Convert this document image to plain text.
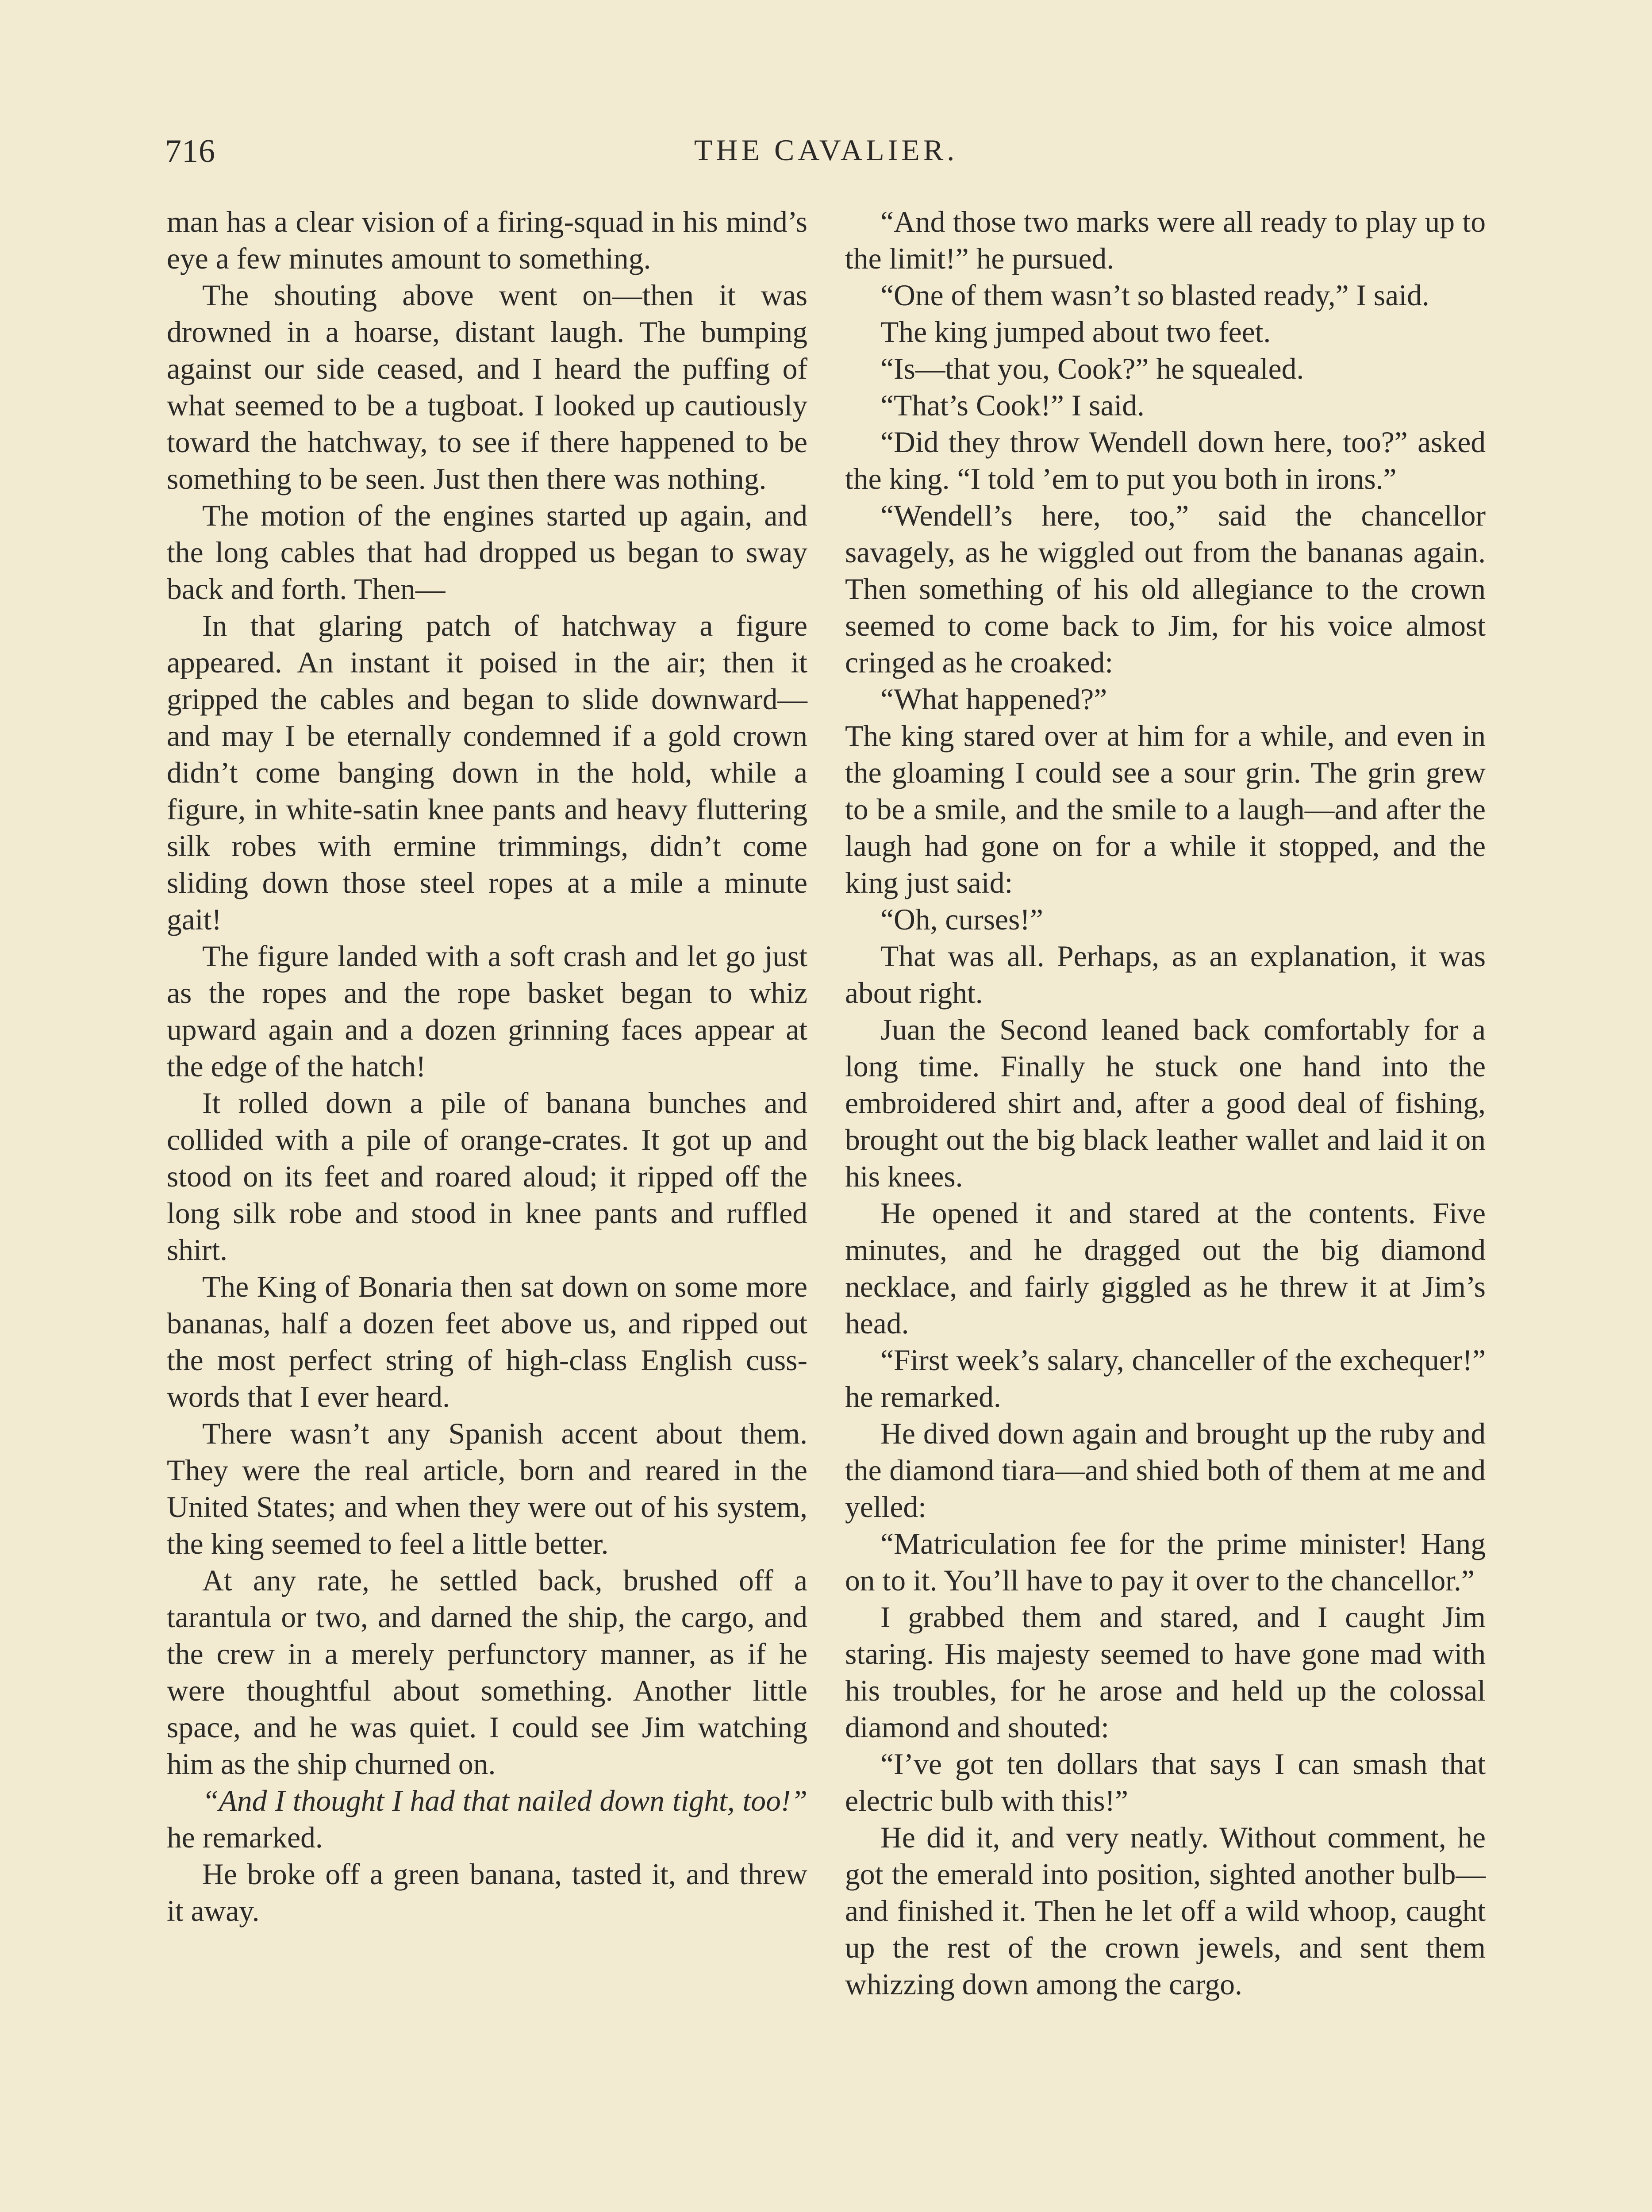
716	THE CAVALIER.

man has a clear vision of a firing-squad in his mind’s eye a few minutes amount to something.

The shouting above went on—then it was drowned in a hoarse, distant laugh. The bumping against our side ceased, and I heard the puffing of what seemed to be a tugboat. I looked up cautiously toward the hatchway, to see if there happened to be something to be seen. Just then there was nothing.

The motion of the engines started up again, and the long cables that had dropped us began to sway back and forth. Then—

In that glaring patch of hatchway a figure appeared. An instant it poised in the air; then it gripped the cables and began to slide downward—and may I be eternally condemned if a gold crown didn’t come banging down in the hold, while a figure, in white-satin knee pants and heavy fluttering silk robes with ermine trimmings, didn’t come sliding down those steel ropes at a mile a minute gait!

The figure landed with a soft crash and let go just as the ropes and the rope basket began to whiz upward again and a dozen grinning faces appear at the edge of the hatch!

It rolled down a pile of banana bunches and collided with a pile of orange-crates. It got up and stood on its feet and roared aloud; it ripped off the long silk robe and stood in knee pants and ruffled shirt.

The King of Bonaria then sat down on some more bananas, half a dozen feet above us, and ripped out the most perfect string of high-class English cuss-words that I ever heard.

There wasn’t any Spanish accent about them. They were the real article, born and reared in the United States; and when they were out of his system, the king seemed to feel a little better.

At any rate, he settled back, brushed off a tarantula or two, and darned the ship, the cargo, and the crew in a merely perfunctory manner, as if he were thoughtful about something. Another little space, and he was quiet. I could see Jim watching him as the ship churned on.

“And I thought I had that nailed down tight, too!” he remarked.

He broke off a green banana, tasted it, and threw it away.

“And those two marks were all ready to play up to the limit!” he pursued.

“One of them wasn’t so blasted ready,” I said.

The king jumped about two feet.

“Is—that you, Cook?” he squealed.

“That’s Cook!” I said.

“Did they throw Wendell down here, too?” asked the king. “I told ’em to put you both in irons.”

“Wendell’s here, too,” said the chancellor savagely, as he wiggled out from the bananas again. Then something of his old allegiance to the crown seemed to come back to Jim, for his voice almost cringed as he croaked:

“What happened?”

The king stared over at him for a while, and even in the gloaming I could see a sour grin. The grin grew to be a smile, and the smile to a laugh—and after the laugh had gone on for a while it stopped, and the king just said:

“Oh, curses!”

That was all. Perhaps, as an explanation, it was about right.

Juan the Second leaned back comfortably for a long time. Finally he stuck one hand into the embroidered shirt and, after a good deal of fishing, brought out the big black leather wallet and laid it on his knees.

He opened it and stared at the contents. Five minutes, and he dragged out the big diamond necklace, and fairly giggled as he threw it at Jim’s head.

“First week’s salary, chanceller of the exchequer!” he remarked.

He dived down again and brought up the ruby and the diamond tiara—and shied both of them at me and yelled:

“Matriculation fee for the prime minister! Hang on to it. You’ll have to pay it over to the chancellor.”

I grabbed them and stared, and I caught Jim staring. His majesty seemed to have gone mad with his troubles, for he arose and held up the colossal diamond and shouted:

“I’ve got ten dollars that says I can smash that electric bulb with this!”

He did it, and very neatly. Without comment, he got the emerald into position, sighted another bulb—and finished it. Then he let off a wild whoop, caught up the rest of the crown jewels, and sent them whizzing down among the cargo.
